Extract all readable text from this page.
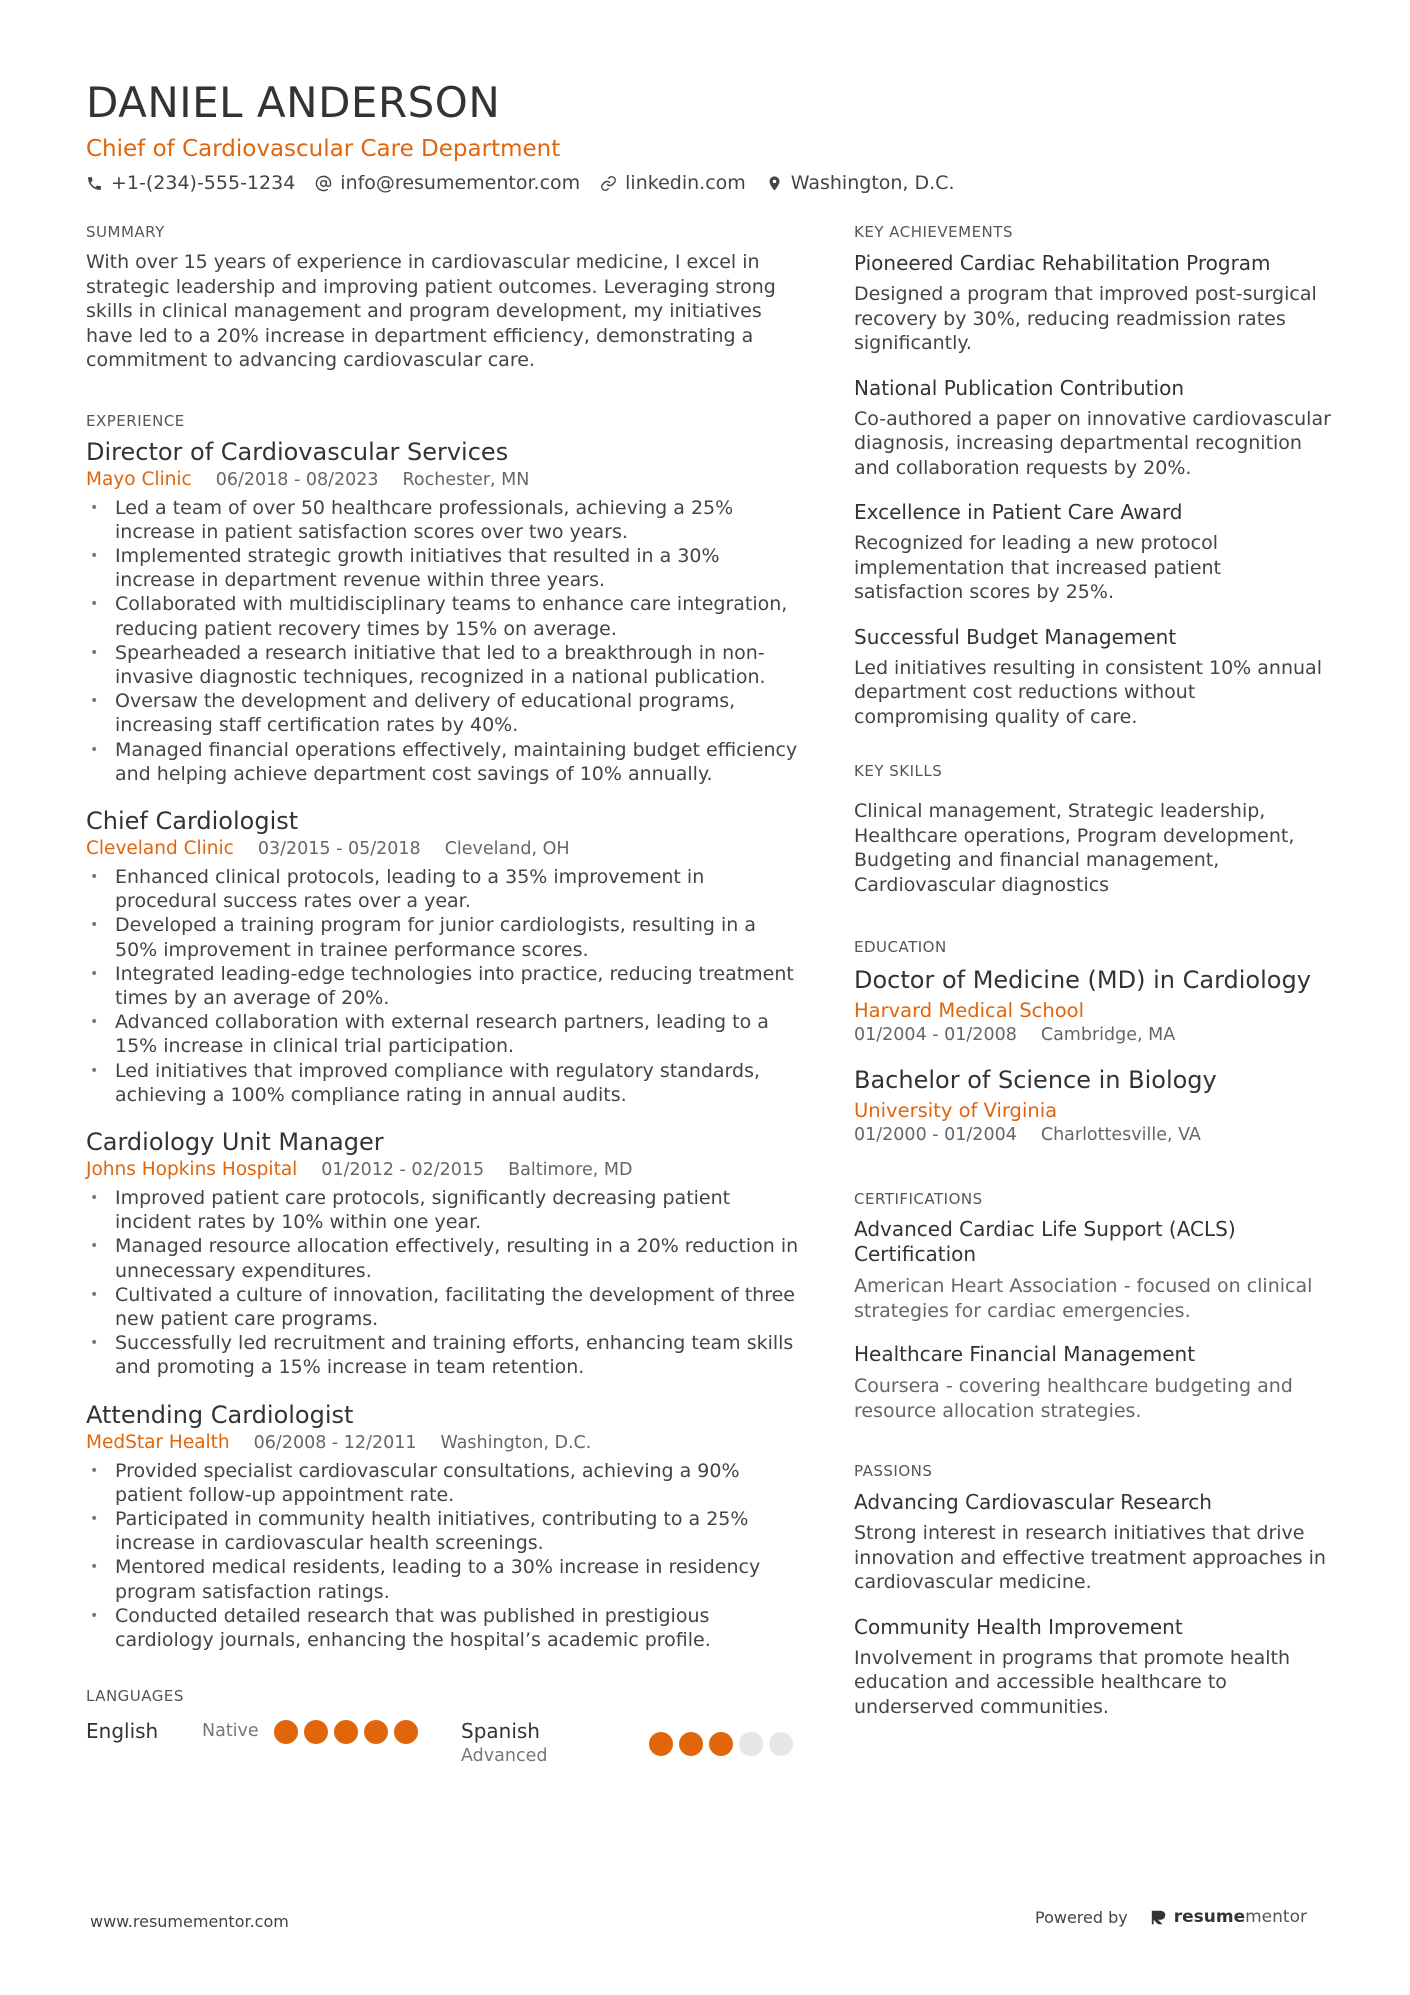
DANIEL ANDERSON
Chief of Cardiovascular Care Department
+1-(234)-555-1234 info@resumementor.com linkedin.com Washington, D.C.
SUMMARY
With over 15 years of experience in cardiovascular medicine, I excel in strategic leadership and improving patient outcomes. Leveraging strong skills in clinical management and program development, my initiatives have led to a 20% increase in department efficiency, demonstrating a commitment to advancing cardiovascular care.
EXPERIENCE
Director of Cardiovascular Services
Mayo Clinic 06/2018 - 08/2023 Rochester, MN
• Led a team of over 50 healthcare professionals, achieving a 25% increase in patient satisfaction scores over two years.
• Implemented strategic growth initiatives that resulted in a 30% increase in department revenue within three years.
• Collaborated with multidisciplinary teams to enhance care integration, reducing patient recovery times by 15% on average.
• Spearheaded a research initiative that led to a breakthrough in non-invasive diagnostic techniques, recognized in a national publication.
• Oversaw the development and delivery of educational programs, increasing staff certification rates by 40%.
• Managed financial operations effectively, maintaining budget efficiency and helping achieve department cost savings of 10% annually.
Chief Cardiologist
Cleveland Clinic 03/2015 - 05/2018 Cleveland, OH
• Enhanced clinical protocols, leading to a 35% improvement in procedural success rates over a year.
• Developed a training program for junior cardiologists, resulting in a 50% improvement in trainee performance scores.
• Integrated leading-edge technologies into practice, reducing treatment times by an average of 20%.
• Advanced collaboration with external research partners, leading to a 15% increase in clinical trial participation.
• Led initiatives that improved compliance with regulatory standards, achieving a 100% compliance rating in annual audits.
Cardiology Unit Manager
Johns Hopkins Hospital 01/2012 - 02/2015 Baltimore, MD
• Improved patient care protocols, significantly decreasing patient incident rates by 10% within one year.
• Managed resource allocation effectively, resulting in a 20% reduction in unnecessary expenditures.
• Cultivated a culture of innovation, facilitating the development of three new patient care programs.
• Successfully led recruitment and training efforts, enhancing team skills and promoting a 15% increase in team retention.
Attending Cardiologist
MedStar Health 06/2008 - 12/2011 Washington, D.C.
• Provided specialist cardiovascular consultations, achieving a 90% patient follow-up appointment rate.
• Participated in community health initiatives, contributing to a 25% increase in cardiovascular health screenings.
• Mentored medical residents, leading to a 30% increase in residency program satisfaction ratings.
• Conducted detailed research that was published in prestigious cardiology journals, enhancing the hospital’s academic profile.
LANGUAGES
English	Native	Spanish
Advanced
KEY ACHIEVEMENTS
Pioneered Cardiac Rehabilitation Program
Designed a program that improved post-surgical recovery by 30%, reducing readmission rates significantly.
National Publication Contribution
Co-authored a paper on innovative cardiovascular diagnosis, increasing departmental recognition and collaboration requests by 20%.
Excellence in Patient Care Award
Recognized for leading a new protocol implementation that increased patient satisfaction scores by 25%.
Successful Budget Management
Led initiatives resulting in consistent 10% annual department cost reductions without compromising quality of care.
KEY SKILLS
Clinical management, Strategic leadership, Healthcare operations, Program development, Budgeting and financial management, Cardiovascular diagnostics
EDUCATION
Doctor of Medicine (MD) in Cardiology
Harvard Medical School
01/2004 - 01/2008 Cambridge, MA
Bachelor of Science in Biology
University of Virginia
01/2000 - 01/2004 Charlottesville, VA
CERTIFICATIONS
Advanced Cardiac Life Support (ACLS) Certification
American Heart Association - focused on clinical strategies for cardiac emergencies.
Healthcare Financial Management
Coursera - covering healthcare budgeting and resource allocation strategies.
PASSIONS
Advancing Cardiovascular Research
Strong interest in research initiatives that drive innovation and effective treatment approaches in cardiovascular medicine.
Community Health Improvement
Involvement in programs that promote health education and accessible healthcare to underserved communities.
www.resumementor.com	Powered by	resume mentor
